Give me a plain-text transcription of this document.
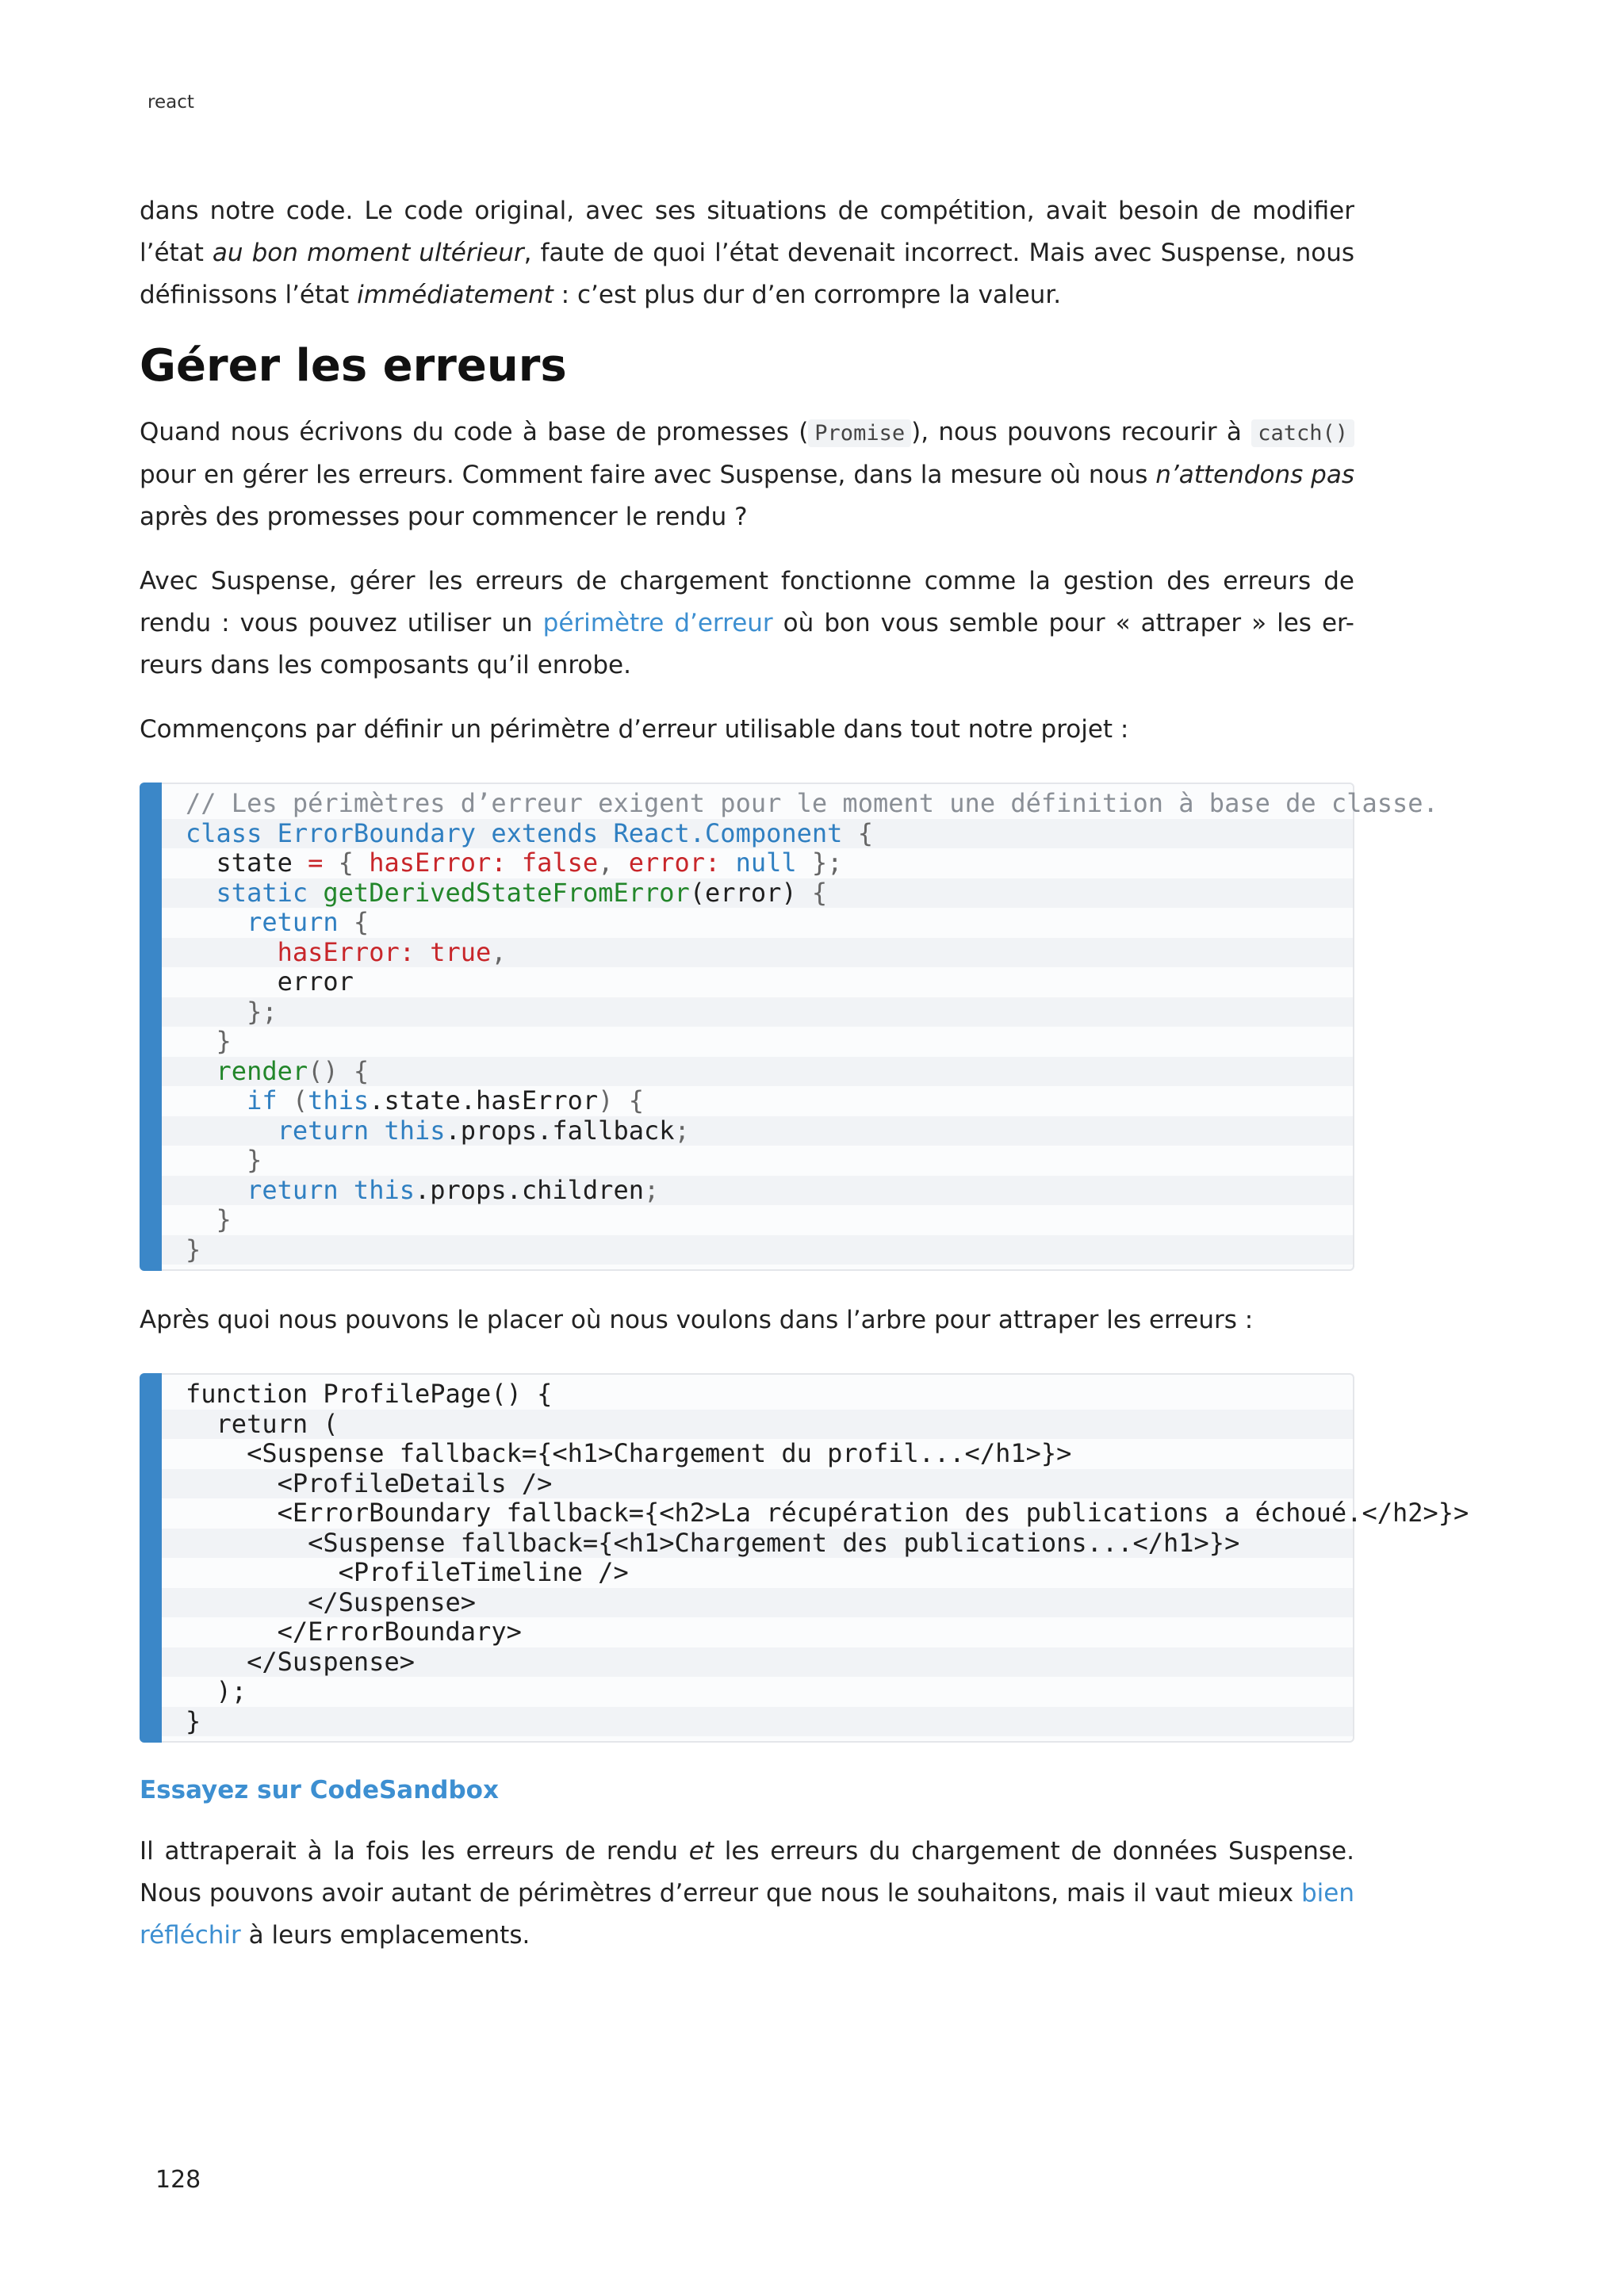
react

dans notre code. Le code original, avec ses situations de compétition, avait besoin de modifier l’état au bon moment ultérieur, faute de quoi l’état devenait incorrect. Mais avec Suspense, nous définissons l’état immédiatement : c’est plus dur d’en corrompre la valeur.

Gérer les erreurs

Quand nous écrivons du code à base de promesses ( Promise ), nous pouvons recourir à catch() pour en gérer les erreurs. Comment faire avec Suspense, dans la mesure où nous n’attendons pas après des promesses pour commencer le rendu ?

Avec Suspense, gérer les erreurs de chargement fonctionne comme la gestion des erreurs de rendu : vous pouvez utiliser un périmètre d’erreur où bon vous semble pour « attraper » les er-reurs dans les composants qu’il enrobe.

Commençons par définir un périmètre d’erreur utilisable dans tout notre projet :

// Les périmètres d’erreur exigent pour le moment une définition à base de classe.
class ErrorBoundary extends React.Component {
state = { hasError: false, error: null };
static getDerivedStateFromError(error) {
return {
hasError: true,
error
};
}
render() {
if (this.state.hasError) {
return this.props.fallback;
}
return this.props.children;
}
}

Après quoi nous pouvons le placer où nous voulons dans l’arbre pour attraper les erreurs :

function ProfilePage() {
return (
<Suspense fallback={<h1>Chargement du profil...</h1>}>
<ProfileDetails />
<ErrorBoundary fallback={<h2>La récupération des publications a échoué.</h2>}>
<Suspense fallback={<h1>Chargement des publications...</h1>}>
<ProfileTimeline />
</Suspense>
</ErrorBoundary>
</Suspense>
);
}

Essayez sur CodeSandbox

Il attraperait à la fois les erreurs de rendu et les erreurs du chargement de données Suspense. Nous pouvons avoir autant de périmètres d’erreur que nous le souhaitons, mais il vaut mieux bien réfléchir à leurs emplacements.

128
